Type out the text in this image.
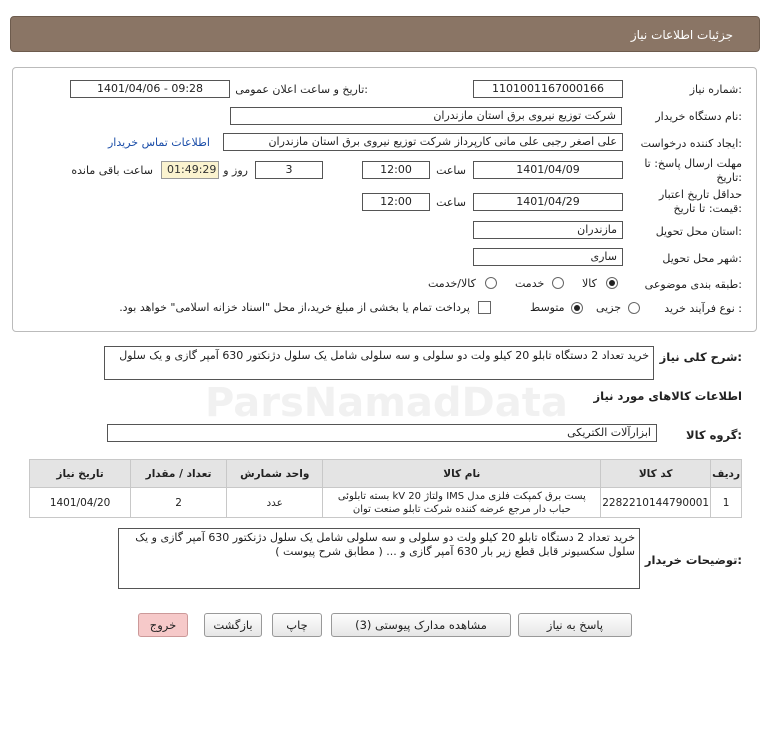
جزئیات اطلاعات نیاز
ParsNamadData
شماره نیاز:
1101001167000166
تاریخ و ساعت اعلان عمومی:
1401/04/06 - 09:28
نام دستگاه خریدار:
شرکت توزیع نیروی برق استان مازندران
ایجاد کننده درخواست:
علی اصغر رجبی علی مانی کارپرداز شرکت توزیع نیروی برق استان مازندران
اطلاعات تماس خریدار
مهلت ارسال پاسخ: تا
تاریخ:
1401/04/09
ساعت
12:00
3
روز و
01:49:29
ساعت باقی مانده
حداقل تاریخ اعتبار
قیمت: تا تاریخ:
1401/04/29
ساعت
12:00
استان محل تحویل:
مازندران
شهر محل تحویل:
ساری
طبقه بندی موضوعی:
کالا
خدمت
کالا/خدمت
نوع فرآیند خرید :
جزیی
متوسط
پرداخت تمام یا بخشی از مبلغ خرید،از محل "اسناد خزانه اسلامی" خواهد بود.
شرح کلی نیاز:
خرید تعداد 2 دستگاه تابلو 20 کیلو ولت دو سلولی و سه سلولی شامل یک سلول دژنکتور 630 آمپر گازی و یک سلول
اطلاعات کالاهای مورد نیاز
گروه کالا:
ابزارآلات الکتریکی
ردیف	کد کالا	نام کالا	واحد شمارش	تعداد / مقدار	تاریخ نیاز
1	2282210144790001	پست برق کمپکت فلزی مدل IMS ولتاژ kV 20 بسته تابلوئی
حباب دار مرجع عرضه کننده شرکت تابلو صنعت توان	عدد	2	1401/04/20
توضیحات خریدار:
خرید تعداد 2 دستگاه تابلو 20 کیلو ولت دو سلولی و سه سلولی شامل یک سلول دژنکتور 630 آمپر گازی و یک سلول سکسیونر قابل قطع زیر بار 630 آمپر گازی و ... ( مطابق شرح پیوست )
پاسخ به نیاز
مشاهده مدارک پیوستی (3)
چاپ
بازگشت
خروج
